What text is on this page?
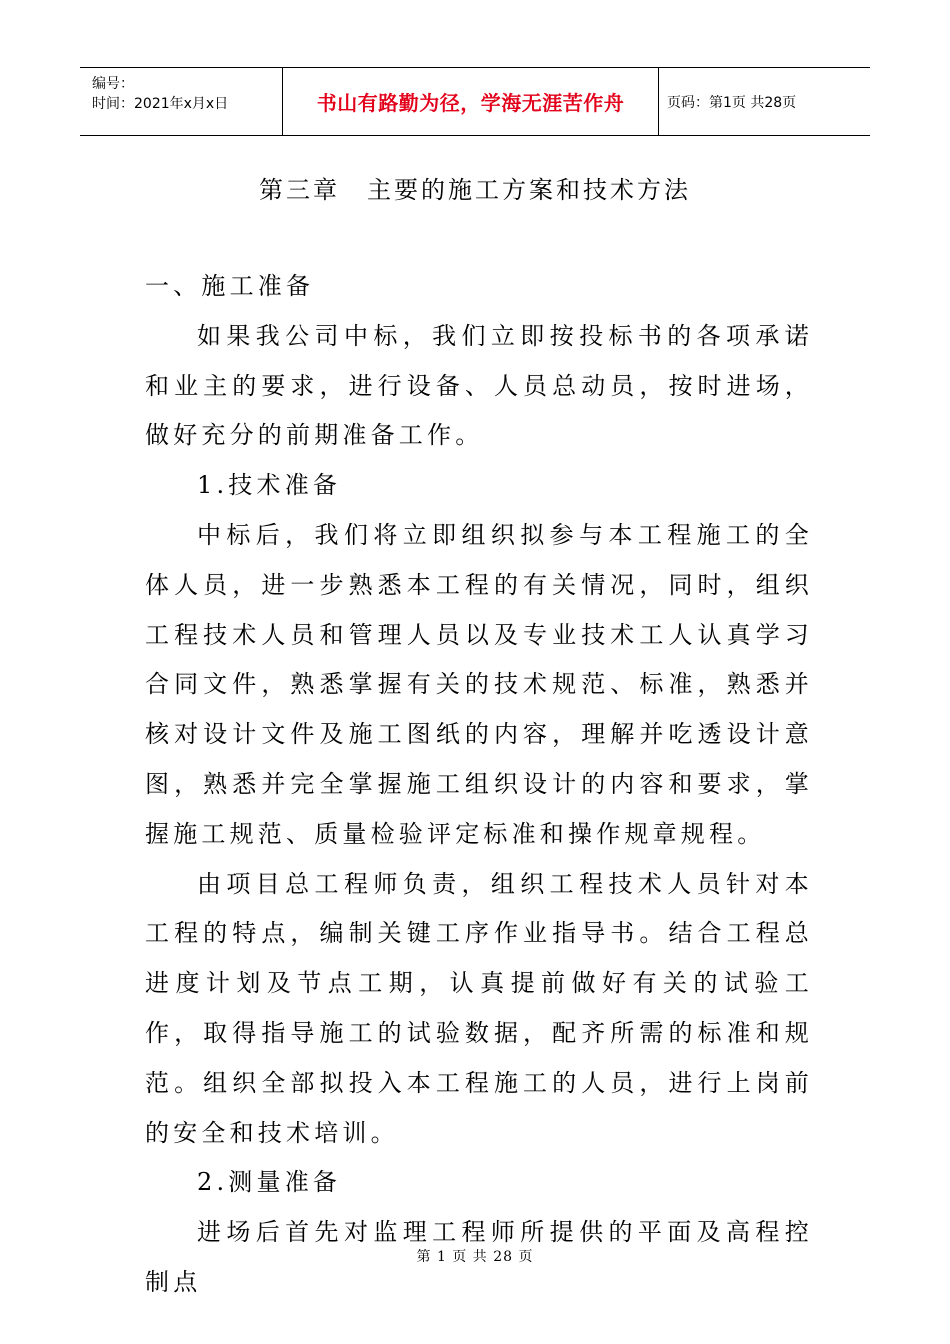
编号：
时间：2021年x月x日	书山有路勤为径，学海无涯苦作舟	页码：第1页 共28页
第三章　主要的施工方案和技术方法

一、施工准备

如果我公司中标，我们立即按投标书的各项承诺和业主的要求，进行设备、人员总动员，按时进场，做好充分的前期准备工作。

1.技术准备

中标后，我们将立即组织拟参与本工程施工的全体人员，进一步熟悉本工程的有关情况，同时，组织工程技术人员和管理人员以及专业技术工人认真学习合同文件，熟悉掌握有关的技术规范、标准，熟悉并核对设计文件及施工图纸的内容，理解并吃透设计意图，熟悉并完全掌握施工组织设计的内容和要求，掌握施工规范、质量检验评定标准和操作规章规程。

由项目总工程师负责，组织工程技术人员针对本工程的特点，编制关键工序作业指导书。结合工程总进度计划及节点工期，认真提前做好有关的试验工作，取得指导施工的试验数据，配齐所需的标准和规范。组织全部拟投入本工程施工的人员，进行上岗前的安全和技术培训。

2.测量准备

进场后首先对监理工程师所提供的平面及高程控制点

第 1 页 共 28 页
